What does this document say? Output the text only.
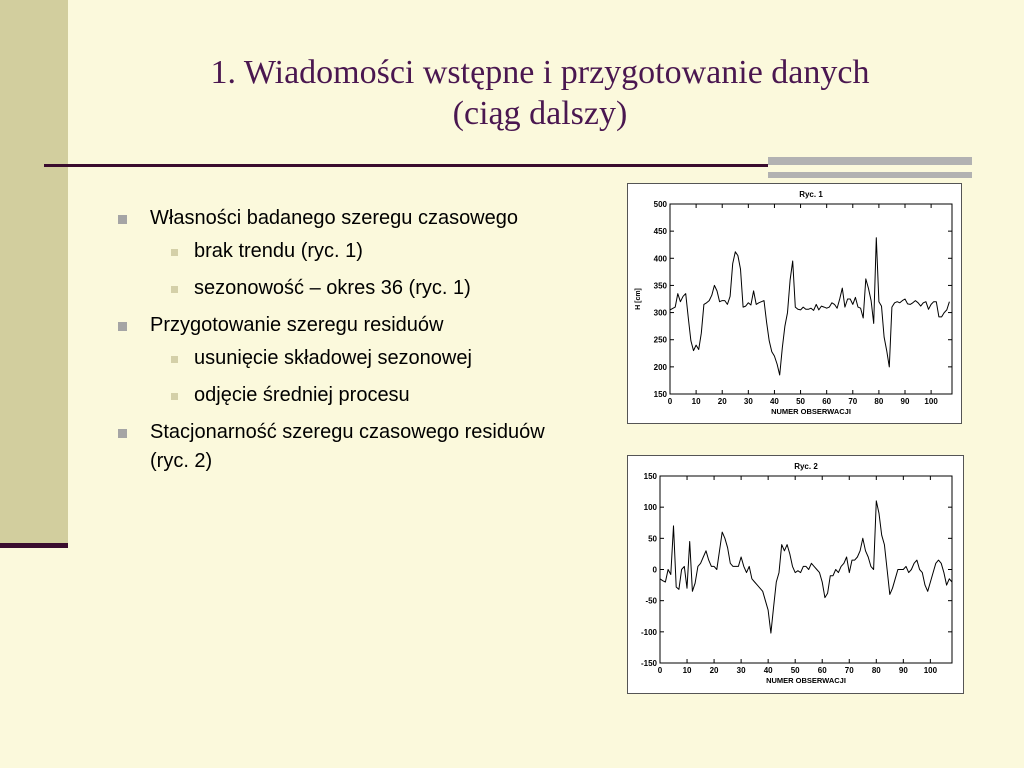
1. Wiadomości wstępne i przygotowanie danych
(ciąg dalszy)
Własności badanego szeregu czasowego
brak trendu (ryc. 1)
sezonowość – okres 36 (ryc. 1)
Przygotowanie szeregu residuów
usunięcie składowej sezonowej
odjęcie średniej procesu
Stacjonarność szeregu czasowego residuów (ryc. 2)
Ryc. 1
150
200
250
300
350
400
450
500
0 10 20 30 40 50 60 70 80 90 100
NUMER OBSERWACJI
H [cm]
Ryc. 2
-150
-100
-50
0
50
100
150
0	10 20 30 40 50 60 70 80 90 100
NUMER OBSERWACJI
